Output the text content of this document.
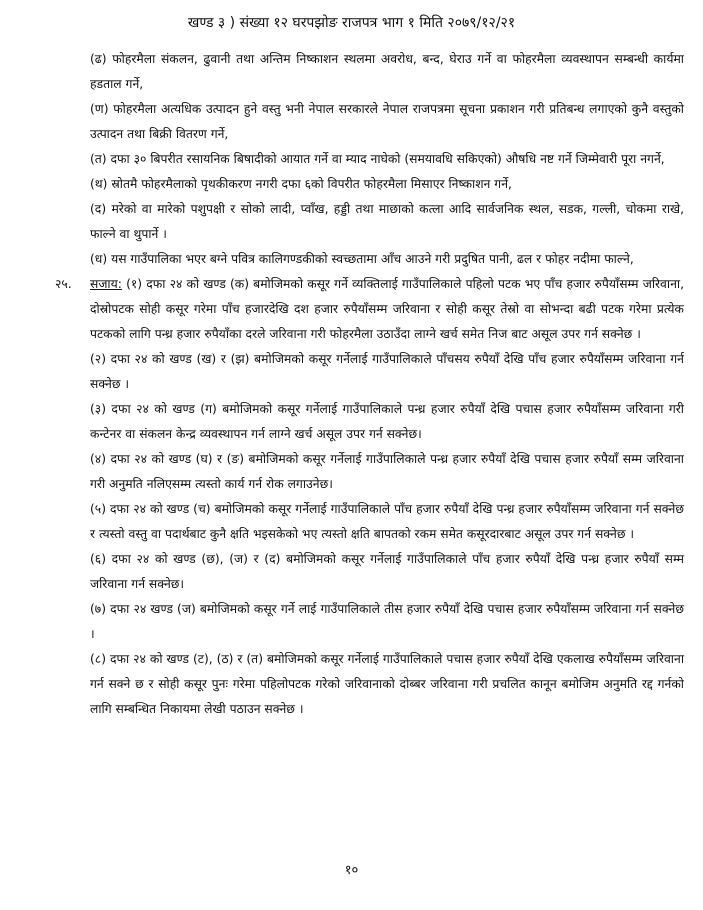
खण्ड ३ ) संख्या १२ घरपझोङ राजपत्र भाग १ मिति २०७९/१२/२१

(ढ) फोहरमैला संकलन, ढुवानी तथा अन्तिम निष्काशन स्थलमा अवरोध, बन्द, घेराउ गर्ने वा फोहरमैला व्यवस्थापन सम्बन्धी कार्यमा हडताल गर्ने,

(ण) फोहरमैला अत्यधिक उत्पादन हुने वस्तु भनी नेपाल सरकारले नेपाल राजपत्रमा सूचना प्रकाशन गरी प्रतिबन्ध लगाएको कुनै वस्तुको उत्पादन तथा बिक्री वितरण गर्ने,

(त) दफा ३० बिपरीत रसायनिक बिषादीको आयात गर्ने वा म्याद नाघेको (समयावधि सकिएको) औषधि नष्ट गर्ने जिम्मेवारी पूरा नगर्ने,

(थ) स्रोतमै फोहरमैलाको पृथकीकरण नगरी दफा ६को विपरीत फोहरमैला मिसाएर निष्काशन गर्ने,

(द) मरेको वा मारेको पशुपक्षी र सोको लादी, प्वाँख, हड्डी तथा माछाको कत्ला आदि सार्वजनिक स्थल, सडक, गल्ली, चोकमा राखे, फाल्ने वा थुपार्ने ।

(ध) यस गाउँपालिका भएर बग्ने पवित्र कालिगण्डकीको स्वच्छतामा आँच आउने गरी प्रदुषित पानी, ढल र फोहर नदीमा फाल्ने,

२५. सजाय: (१) दफा २४ को खण्ड (क) बमोजिमको कसूर गर्ने व्यक्तिलाई गाउँपालिकाले पहिलो पटक भए पाँच हजार रुपैयाँसम्म जरिवाना, दोस्रोपटक सोही कसूर गरेमा पाँच हजारदेखि दश हजार रुपैयाँसम्म जरिवाना र सोही कसूर तेस्रो वा सोभन्दा बढी पटक गरेमा प्रत्येक पटकको लागि पन्ध्र हजार रुपैयाँका दरले जरिवाना गरी फोहरमैला उठाउँदा लाग्ने खर्च समेत निज बाट असूल उपर गर्न सक्नेछ ।

(२) दफा २४ को खण्ड (ख) र (झ) बमोजिमको कसूर गर्नेलाई गाउँपालिकाले पाँचसय रुपैयाँ देखि पाँच हजार रुपैयाँसम्म जरिवाना गर्न सक्नेछ ।

(३) दफा २४ को खण्ड (ग) बमोजिमको कसूर गर्नेलाई गाउँपालिकाले पन्ध्र हजार रुपैयाँ देखि पचास हजार रुपैयाँसम्म जरिवाना गरी कन्टेनर वा संकलन केन्द्र व्यवस्थापन गर्न लाग्ने खर्च असूल उपर गर्न सक्नेछ।

(४) दफा २४ को खण्ड (घ) र (ङ) बमोजिमको कसूर गर्नेलाई गाउँपालिकाले पन्ध्र हजार रुपैयाँ देखि पचास हजार रुपैयाँ सम्म जरिवाना गरी अनुमति नलिएसम्म त्यस्तो कार्य गर्न रोक लगाउनेछ।

(५) दफा २४ को खण्ड (च) बमोजिमको कसूर गर्नेलाई गाउँपालिकाले पाँच हजार रुपैयाँ देखि पन्ध्र हजार रुपैयाँसम्म जरिवाना गर्न सक्नेछ र त्यस्तो वस्तु वा पदार्थबाट कुनै क्षति भइसकेको भए त्यस्तो क्षति बापतको रकम समेत कसूरदारबाट असूल उपर गर्न सक्नेछ ।

(६) दफा २४ को खण्ड (छ), (ज) र (द) बमोजिमको कसूर गर्नेलाई गाउँपालिकाले पाँच हजार रुपैयाँ देखि पन्ध्र हजार रुपैयाँ सम्म जरिवाना गर्न सक्नेछ।

(७) दफा २४ खण्ड (ज) बमोजिमको कसूर गर्ने लाई गाउँपालिकाले तीस हजार रुपैयाँ देखि पचास हजार रुपैयाँसम्म जरिवाना गर्न सक्नेछ ।

(८) दफा २४ को खण्ड (ट), (ठ) र (त) बमोजिमको कसूर गर्नेलाई गाउँपालिकाले पचास हजार रुपैयाँ देखि एकलाख रुपैयाँसम्म जरिवाना गर्न सक्ने छ र सोही कसूर पुनः गरेमा पहिलोपटक गरेको जरिवानाको दोब्बर जरिवाना गरी प्रचलित कानून बमोजिम अनुमति रद्द गर्नको लागि सम्बन्धित निकायमा लेखी पठाउन सक्नेछ ।

१०
